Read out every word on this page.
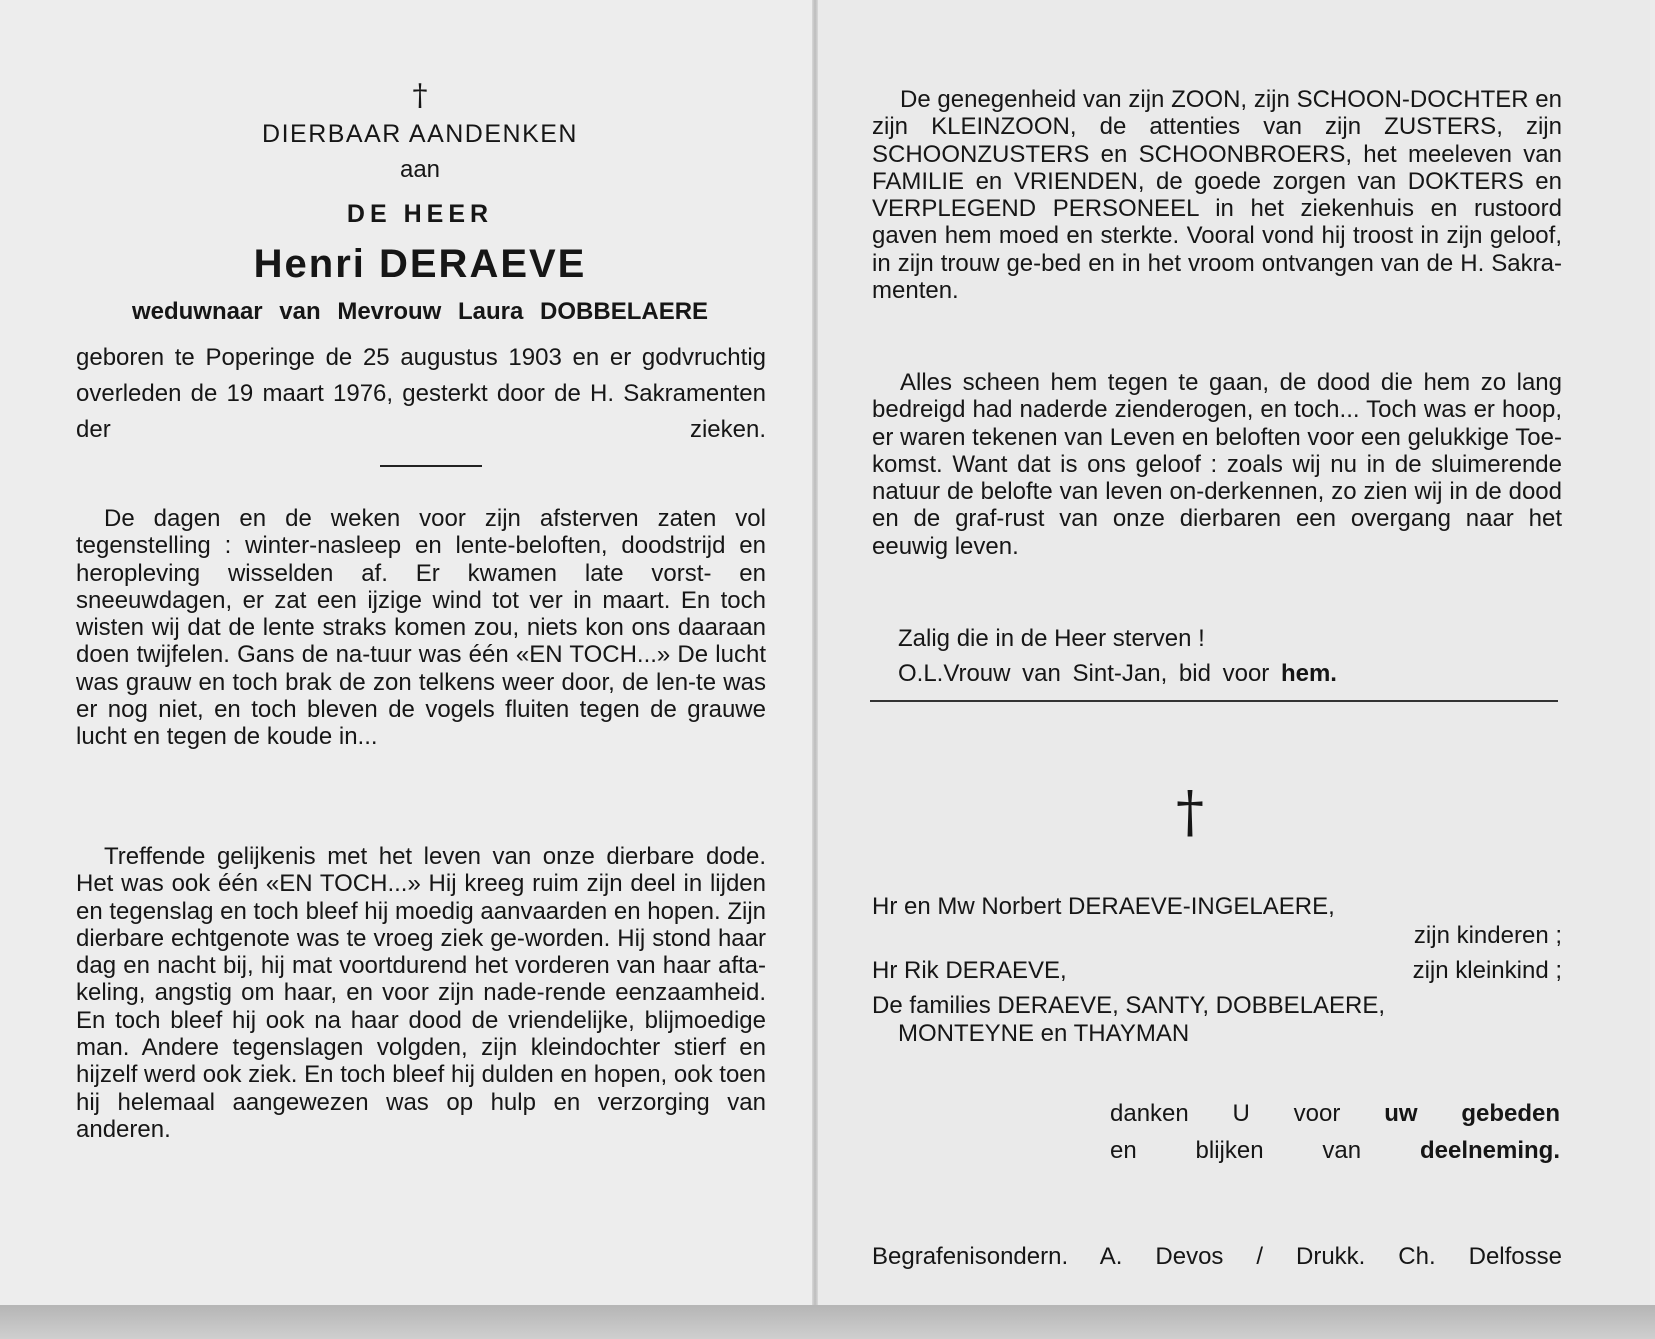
†
DIERBAAR AANDENKEN
aan
DE HEER
Henri DERAEVE
weduwnaar van Mevrouw Laura DOBBELAERE

geboren te Poperinge de 25 augustus 1903 en er godvruchtig overleden de 19 maart 1976, gesterkt door de H. Sakramenten der zieken.

De dagen en de weken voor zijn afsterven zaten vol tegenstelling : winter-nasleep en lente-beloften, doodstrijd en heropleving wisselden af. Er kwamen late vorst- en sneeuwdagen, er zat een ijzige wind tot ver in maart. En toch wisten wij dat de lente straks komen zou, niets kon ons daaraan doen twijfelen. Gans de na-tuur was één «EN TOCH...» De lucht was grauw en toch brak de zon telkens weer door, de len-te was er nog niet, en toch bleven de vogels fluiten tegen de grauwe lucht en tegen de koude in...

Treffende gelijkenis met het leven van onze dierbare dode. Het was ook één «EN TOCH...» Hij kreeg ruim zijn deel in lijden en tegenslag en toch bleef hij moedig aanvaarden en hopen. Zijn dierbare echtgenote was te vroeg ziek ge-worden. Hij stond haar dag en nacht bij, hij mat voortdurend het vorderen van haar afta-keling, angstig om haar, en voor zijn nade-rende eenzaamheid. En toch bleef hij ook na haar dood de vriendelijke, blijmoedige man. Andere tegenslagen volgden, zijn kleindochter stierf en hijzelf werd ook ziek. En toch bleef hij dulden en hopen, ook toen hij helemaal aangewezen was op hulp en verzorging van anderen.

De genegenheid van zijn ZOON, zijn SCHOON-DOCHTER en zijn KLEINZOON, de attenties van zijn ZUSTERS, zijn SCHOONZUSTERS en SCHOONBROERS, het meeleven van FAMILIE en VRIENDEN, de goede zorgen van DOKTERS en VERPLEGEND PERSONEEL in het ziekenhuis en rustoord gaven hem moed en sterkte. Vooral vond hij troost in zijn geloof, in zijn trouw ge-bed en in het vroom ontvangen van de H. Sakra-menten.

Alles scheen hem tegen te gaan, de dood die hem zo lang bedreigd had naderde zienderogen, en toch... Toch was er hoop, er waren tekenen van Leven en beloften voor een gelukkige Toe-komst. Want dat is ons geloof : zoals wij nu in de sluimerende natuur de belofte van leven on-derkennen, zo zien wij in de dood en de graf-rust van onze dierbaren een overgang naar het eeuwig leven.

Zalig die in de Heer sterven !
O.L.Vrouw van Sint-Jan, bid voor hem.
†
Hr en Mw Norbert DERAEVE-INGELAERE,
zijn kinderen ;
Hr Rik DERAEVE,	zijn kleinkind ;
De families DERAEVE, SANTY, DOBBELAERE,
MONTEYNE en THAYMAN
danken U voor uw gebeden
en blijken van deelneming.
Begrafenisondern. A. Devos / Drukk. Ch. Delfosse
